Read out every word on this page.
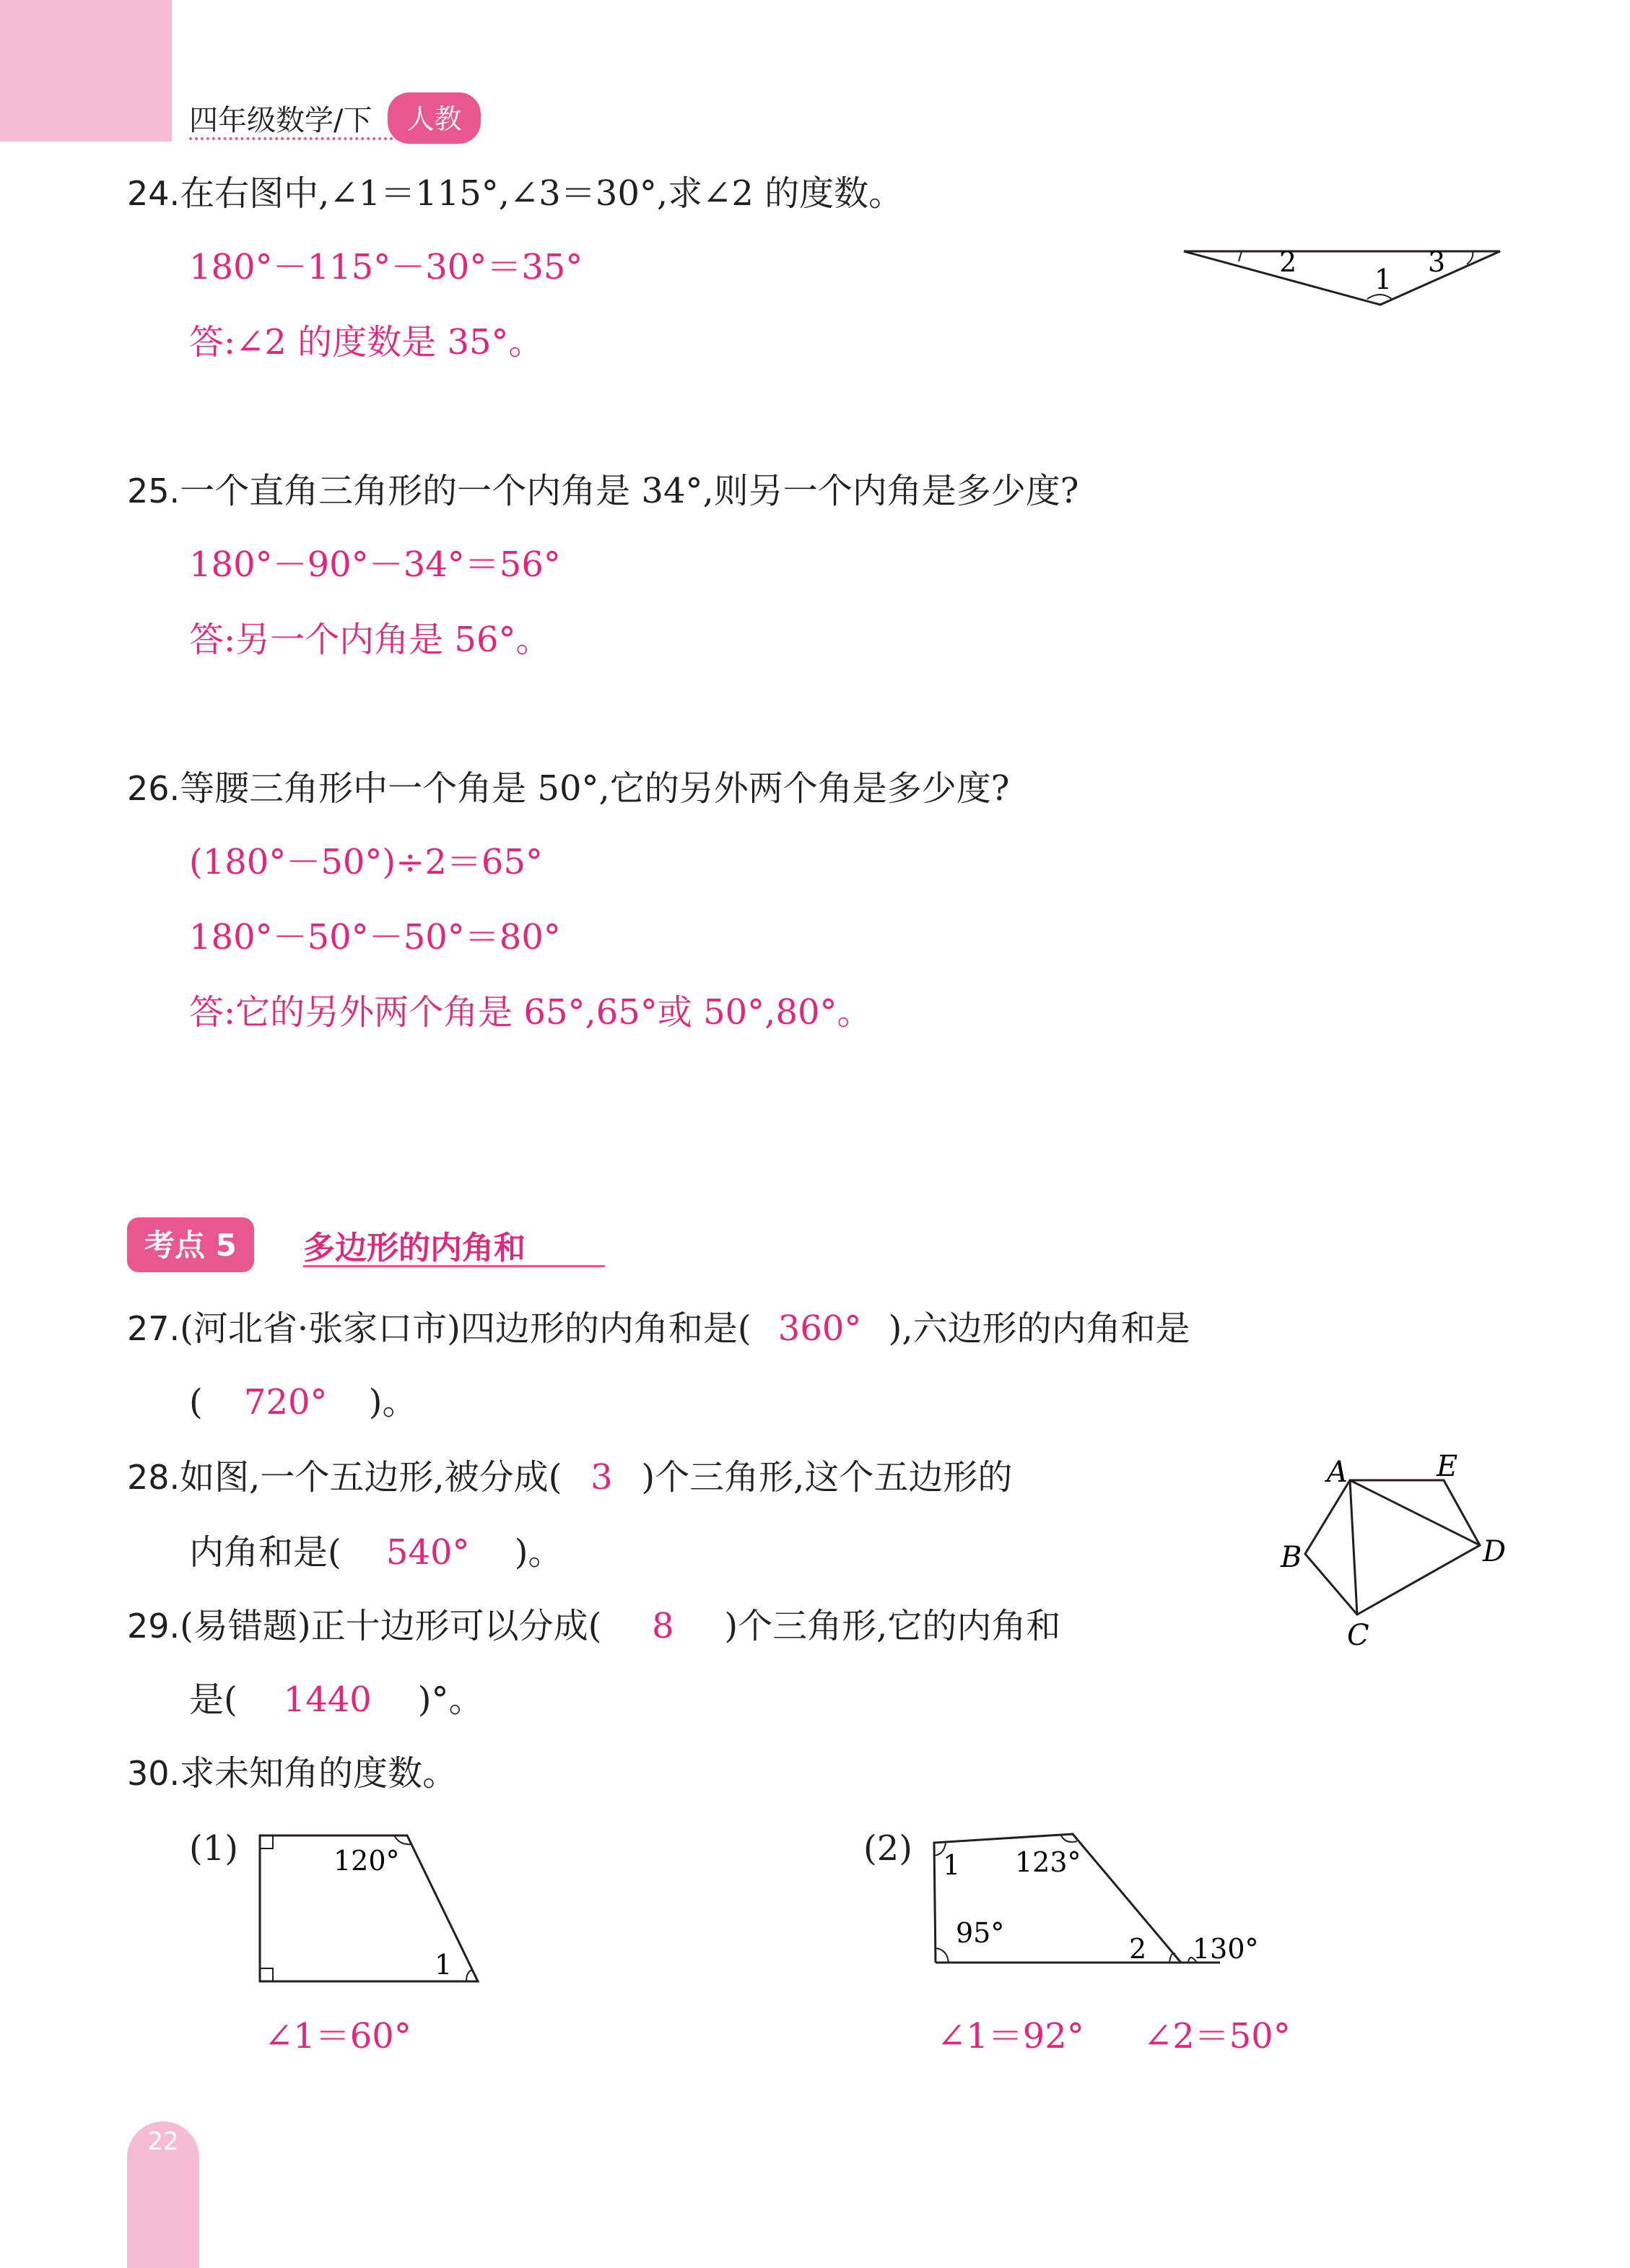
四年级数学/下	人教
24.在右图中,∠1＝115°,∠3＝30°,求∠2 的度数。
180°－115°－30°＝35°
答:∠2 的度数是 35°。
2
1
3
25.一个直角三角形的一个内角是 34°,则另一个内角是多少度?
180°－90°－34°＝56°
答:另一个内角是 56°。
26.等腰三角形中一个角是 50°,它的另外两个角是多少度?
(180°－50°)÷2＝65°
180°－50°－50°＝80°
答:它的另外两个角是 65°,65°或 50°,80°。
考点 5	多边形的内角和
27.(河北省·张家口市)四边形的内角和是( 360° ),六边形的内角和是
( 720° )。
28.如图,一个五边形,被分成( 3 )个三角形,这个五边形的
内角和是( 540° )。
A	E
B	D
C
29.(易错题)正十边形可以分成( 8 )个三角形,它的内角和
是( 1440 )°。
30.求未知角的度数。
(1)	120°
1
∠1＝60°
(2) 1 123°
95°	2 130°
∠1＝92° ∠2＝50°
22
